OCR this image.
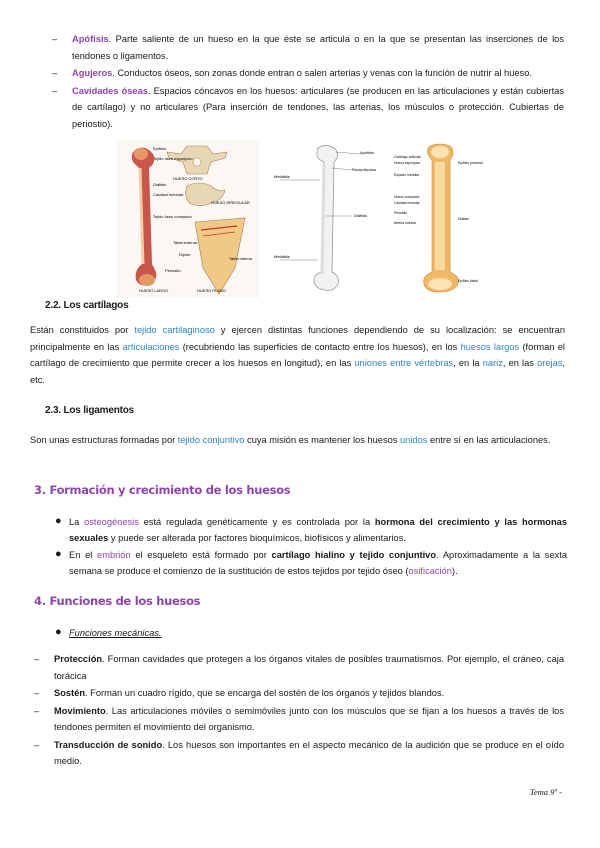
– Apófisis. Parte saliente de un hueso en la que éste se articula o en la que se presentan las inserciones de los tendones o ligamentos.
– Agujeros. Conductos óseos, son zonas donde entran o salen arterias y venas con la función de nutrir al hueso.
– Cavidades óseas. Espacios cóncavos en los huesos: articulares (se producen en las articulaciones y están cubiertas de cartílago) y no articulares (Para inserción de tendones, las arterias, los músculos o protección. Cubiertas de periostio).
Epífisis
Tejido óseo esponjoso
Diáfisis
Cavidad medular
Tejido óseo compacto
Tabla externa
Diploe
Tabla interna
Periostio
HUESO CORTO
HUESO IRREGULAR
HUESO LARGO	HUESO PLANO
Apófisis
Receptáculos
Diáfisis
Metáfisis
Metáfisis
Cartílago articular
Hueso esponjoso
Espacio medular
Hueso compacto
Cavidad medular
Periostio
Arteria nutricia
Epífisis proximal
Diáfisis
Epífisis distal
2.2. Los cartílagos
Están constituidos por tejido cartilaginoso y ejercen distintas funciones dependiendo de su localización: se encuentran principalmente en las articulaciones (recubriendo las superficies de contacto entre los huesos), en los huesos largos (forman el cartílago de crecimiento que permite crecer a los huesos en longitud), en las uniones entre vértebras, en la nariz, en las orejas, etc.
2.3. Los ligamentos
Son unas estructuras formadas por tejido conjuntivo cuya misión es mantener los huesos unidos entre sí en las articulaciones.
3. Formación y crecimiento de los huesos
● La osteogénesis está regulada genéticamente y es controlada por la hormona del crecimiento y las hormonas sexuales y puede ser alterada por factores bioquímicos, biofísicos y alimentarios.
● En el embrión el esqueleto está formado por cartílago hialino y tejido conjuntivo. Aproximadamente a la sexta semana se produce el comienzo de la sustitución de estos tejidos por tejido óseo (osificación).
4. Funciones de los huesos
● Funciones mecánicas.
– Protección. Forman cavidades que protegen a los órganos vitales de posibles traumatismos. Por ejemplo, el cráneo, caja torácica
– Sostén. Forman un cuadro rígido, que se encarga del sostén de los órganos y tejidos blandos.
– Movimiento. Las articulaciones móviles o semimóviles junto con los músculos que se fijan a los huesos a través de los tendones permiten el movimiento del organismo.
– Transducción de sonido. Los huesos son importantes en el aspecto mecánico de la audición que se produce en el oído medio.
Tema 9º -
